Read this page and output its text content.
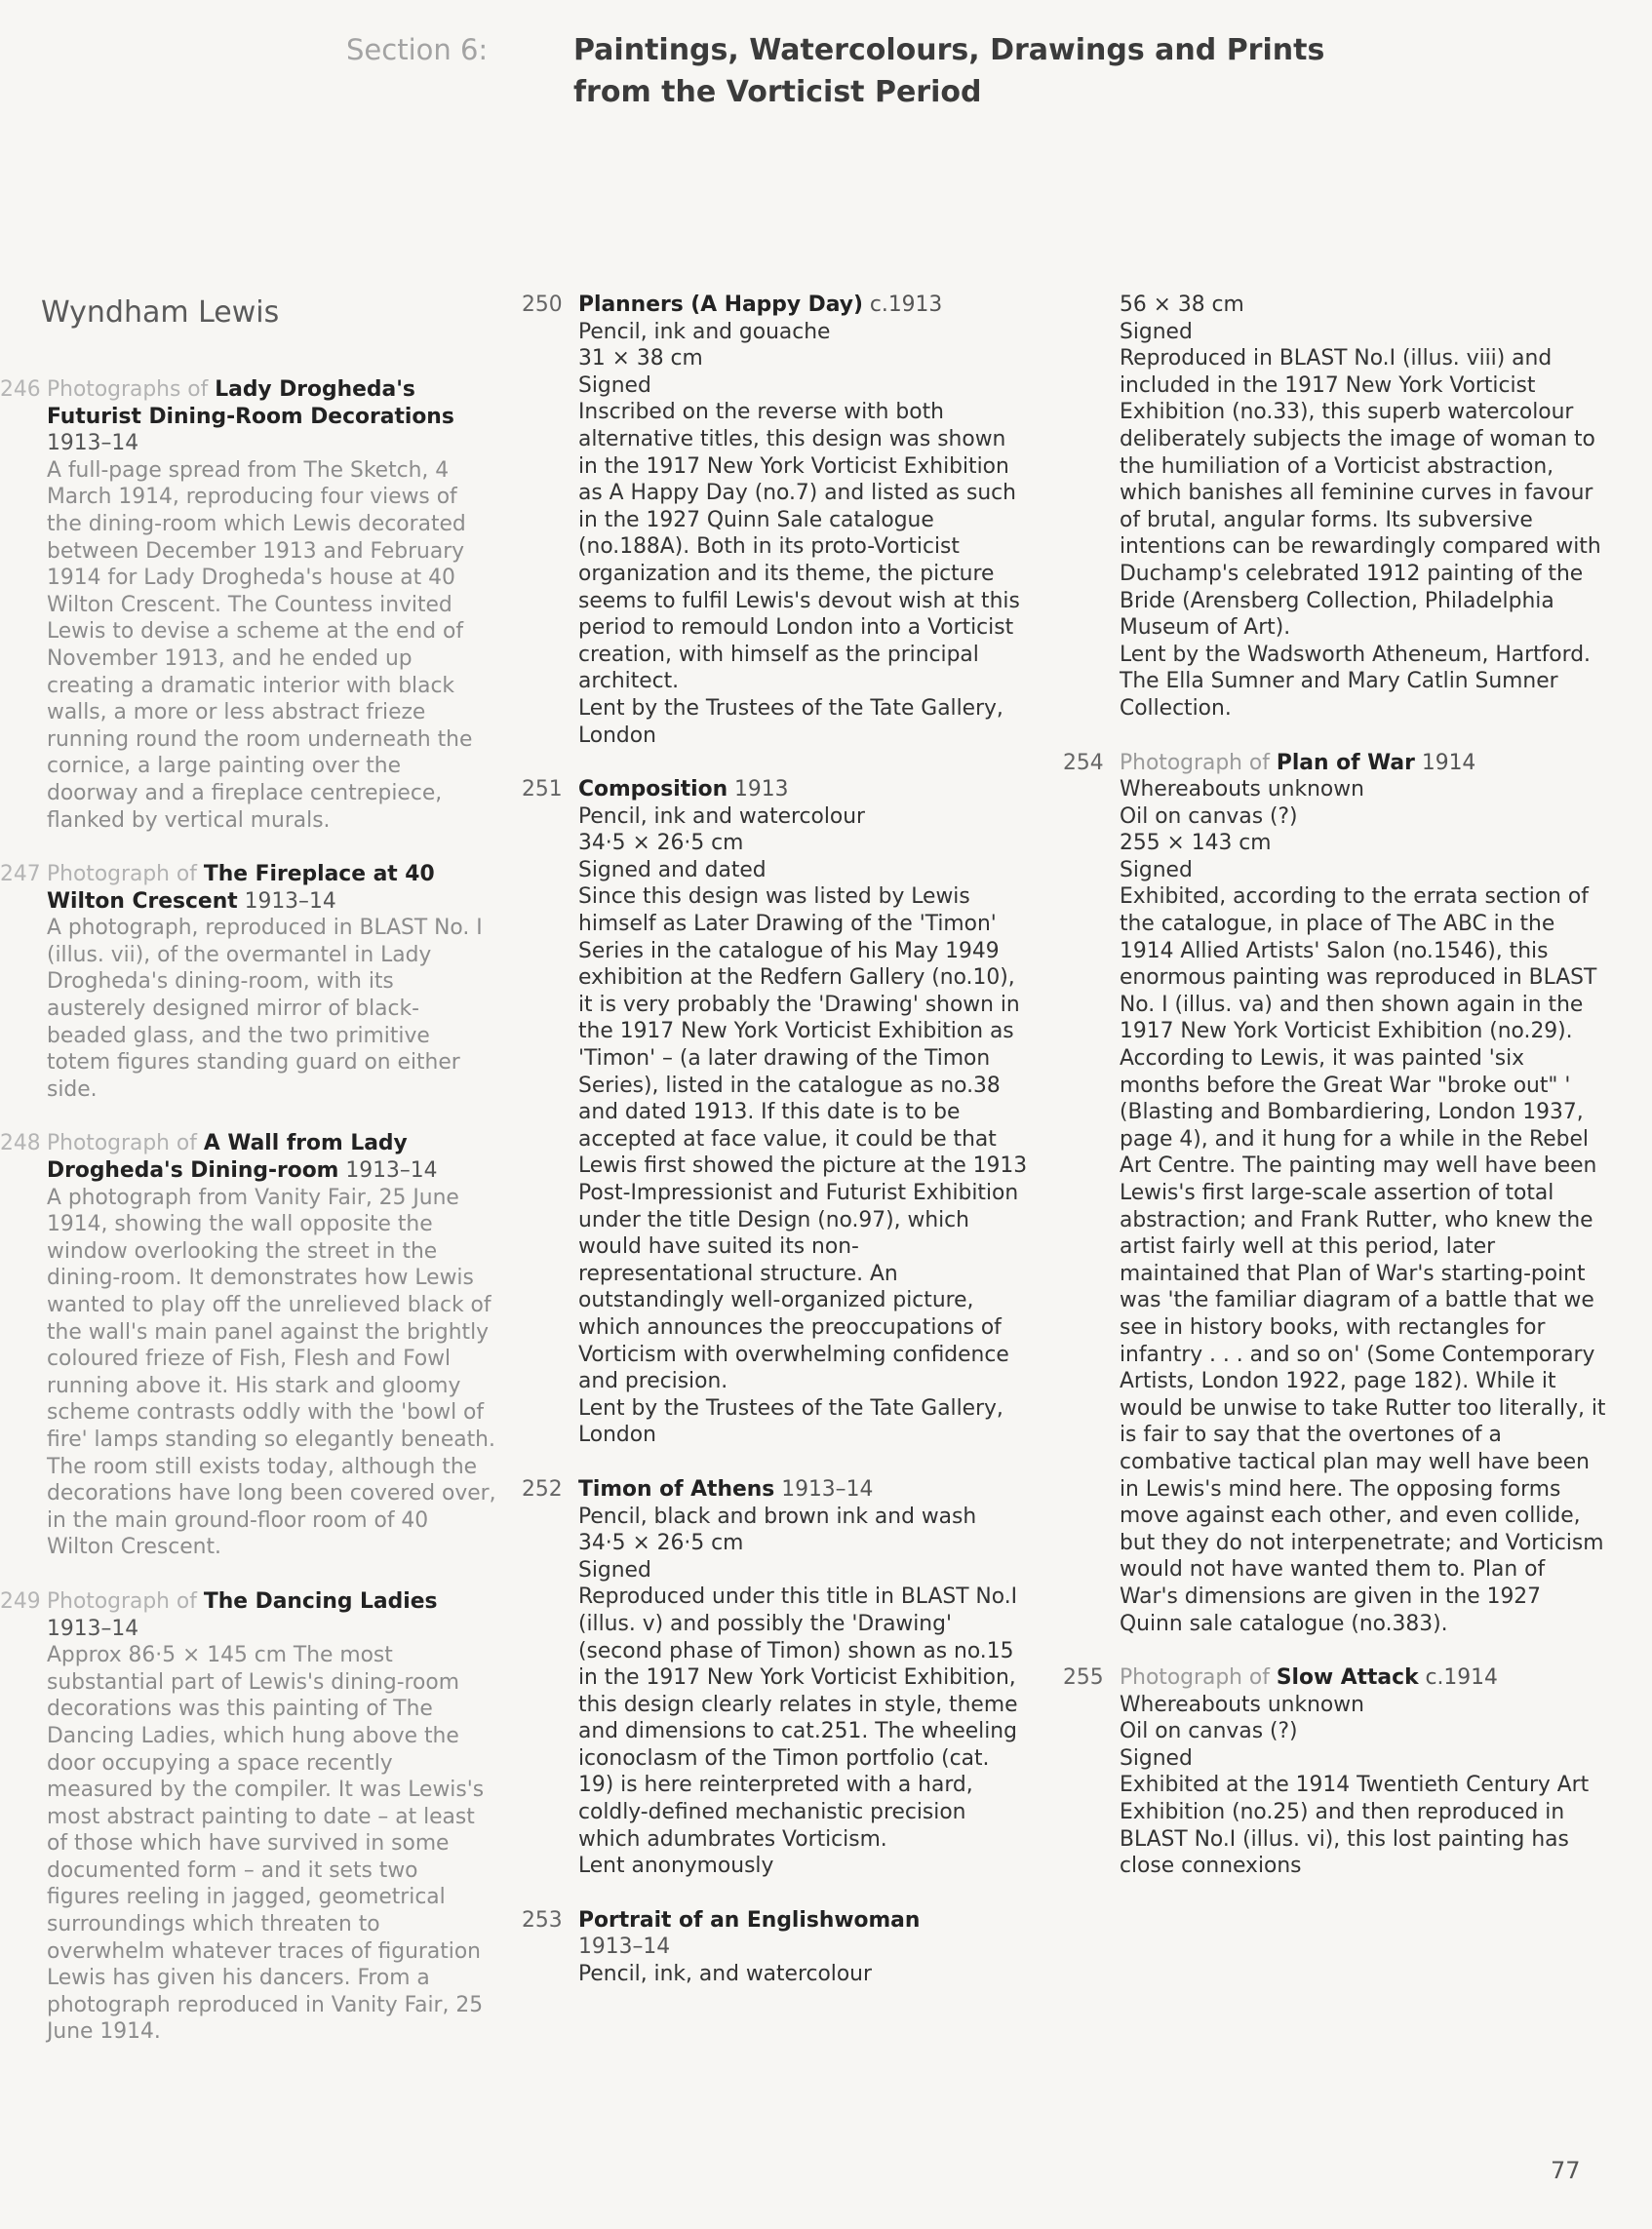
Section 6:	Paintings, Watercolours, Drawings and Prints
from the Vorticist Period
Wyndham Lewis
246 Photographs of Lady Drogheda's Futurist Dining-Room Decorations 1913–14
A full-page spread from The Sketch, 4 March 1914, reproducing four views of the dining-room which Lewis decorated between December 1913 and February 1914 for Lady Drogheda's house at 40 Wilton Crescent. The Countess invited Lewis to devise a scheme at the end of November 1913, and he ended up creating a dramatic interior with black walls, a more or less abstract frieze running round the room underneath the cornice, a large painting over the doorway and a fireplace centrepiece, flanked by vertical murals.
247 Photograph of The Fireplace at 40 Wilton Crescent 1913–14
A photograph, reproduced in BLAST No. I (illus. vii), of the overmantel in Lady Drogheda's dining-room, with its austerely designed mirror of black-beaded glass, and the two primitive totem figures standing guard on either side.
248 Photograph of A Wall from Lady Drogheda's Dining-room 1913–14
A photograph from Vanity Fair, 25 June 1914, showing the wall opposite the window overlooking the street in the dining-room. It demonstrates how Lewis wanted to play off the unrelieved black of the wall's main panel against the brightly coloured frieze of Fish, Flesh and Fowl running above it. His stark and gloomy scheme contrasts oddly with the 'bowl of fire' lamps standing so elegantly beneath. The room still exists today, although the decorations have long been covered over, in the main ground-floor room of 40 Wilton Crescent.
249 Photograph of The Dancing Ladies 1913–14
Approx 86·5 × 145 cm The most substantial part of Lewis's dining-room decorations was this painting of The Dancing Ladies, which hung above the door occupying a space recently measured by the compiler. It was Lewis's most abstract painting to date – at least of those which have survived in some documented form – and it sets two figures reeling in jagged, geometrical surroundings which threaten to overwhelm whatever traces of figuration Lewis has given his dancers. From a photograph reproduced in Vanity Fair, 25 June 1914.
250 Planners (A Happy Day) c.1913
Pencil, ink and gouache
31 × 38 cm
Signed
Inscribed on the reverse with both alternative titles, this design was shown in the 1917 New York Vorticist Exhibition as A Happy Day (no.7) and listed as such in the 1927 Quinn Sale catalogue (no.188A). Both in its proto-Vorticist organization and its theme, the picture seems to fulfil Lewis's devout wish at this period to remould London into a Vorticist creation, with himself as the principal architect.
Lent by the Trustees of the Tate Gallery, London
251 Composition 1913
Pencil, ink and watercolour
34·5 × 26·5 cm
Signed and dated
Since this design was listed by Lewis himself as Later Drawing of the 'Timon' Series in the catalogue of his May 1949 exhibition at the Redfern Gallery (no.10), it is very probably the 'Drawing' shown in the 1917 New York Vorticist Exhibition as 'Timon' – (a later drawing of the Timon Series), listed in the catalogue as no.38 and dated 1913. If this date is to be accepted at face value, it could be that Lewis first showed the picture at the 1913 Post-Impressionist and Futurist Exhibition under the title Design (no.97), which would have suited its non-representational structure. An outstandingly well-organized picture, which announces the preoccupations of Vorticism with overwhelming confidence and precision.
Lent by the Trustees of the Tate Gallery, London
252 Timon of Athens 1913–14
Pencil, black and brown ink and wash
34·5 × 26·5 cm
Signed
Reproduced under this title in BLAST No.I (illus. v) and possibly the 'Drawing' (second phase of Timon) shown as no.15 in the 1917 New York Vorticist Exhibition, this design clearly relates in style, theme and dimensions to cat.251. The wheeling iconoclasm of the Timon portfolio (cat. 19) is here reinterpreted with a hard, coldly-defined mechanistic precision which adumbrates Vorticism.
Lent anonymously
253 Portrait of an Englishwoman
1913–14
Pencil, ink, and watercolour
56 × 38 cm
Signed
Reproduced in BLAST No.I (illus. viii) and included in the 1917 New York Vorticist Exhibition (no.33), this superb watercolour deliberately subjects the image of woman to the humiliation of a Vorticist abstraction, which banishes all feminine curves in favour of brutal, angular forms. Its subversive intentions can be rewardingly compared with Duchamp's celebrated 1912 painting of the Bride (Arensberg Collection, Philadelphia Museum of Art).
Lent by the Wadsworth Atheneum, Hartford. The Ella Sumner and Mary Catlin Sumner Collection.
254 Photograph of Plan of War 1914
Whereabouts unknown
Oil on canvas (?)
255 × 143 cm
Signed
Exhibited, according to the errata section of the catalogue, in place of The ABC in the 1914 Allied Artists' Salon (no.1546), this enormous painting was reproduced in BLAST No. I (illus. va) and then shown again in the 1917 New York Vorticist Exhibition (no.29). According to Lewis, it was painted 'six months before the Great War "broke out" ' (Blasting and Bombardiering, London 1937, page 4), and it hung for a while in the Rebel Art Centre. The painting may well have been Lewis's first large-scale assertion of total abstraction; and Frank Rutter, who knew the artist fairly well at this period, later maintained that Plan of War's starting-point was 'the familiar diagram of a battle that we see in history books, with rectangles for infantry . . . and so on' (Some Contemporary Artists, London 1922, page 182). While it would be unwise to take Rutter too literally, it is fair to say that the overtones of a combative tactical plan may well have been in Lewis's mind here. The opposing forms move against each other, and even collide, but they do not interpenetrate; and Vorticism would not have wanted them to. Plan of War's dimensions are given in the 1927 Quinn sale catalogue (no.383).
255 Photograph of Slow Attack c.1914
Whereabouts unknown
Oil on canvas (?)
Signed
Exhibited at the 1914 Twentieth Century Art Exhibition (no.25) and then reproduced in BLAST No.I (illus. vi), this lost painting has close connexions
77
